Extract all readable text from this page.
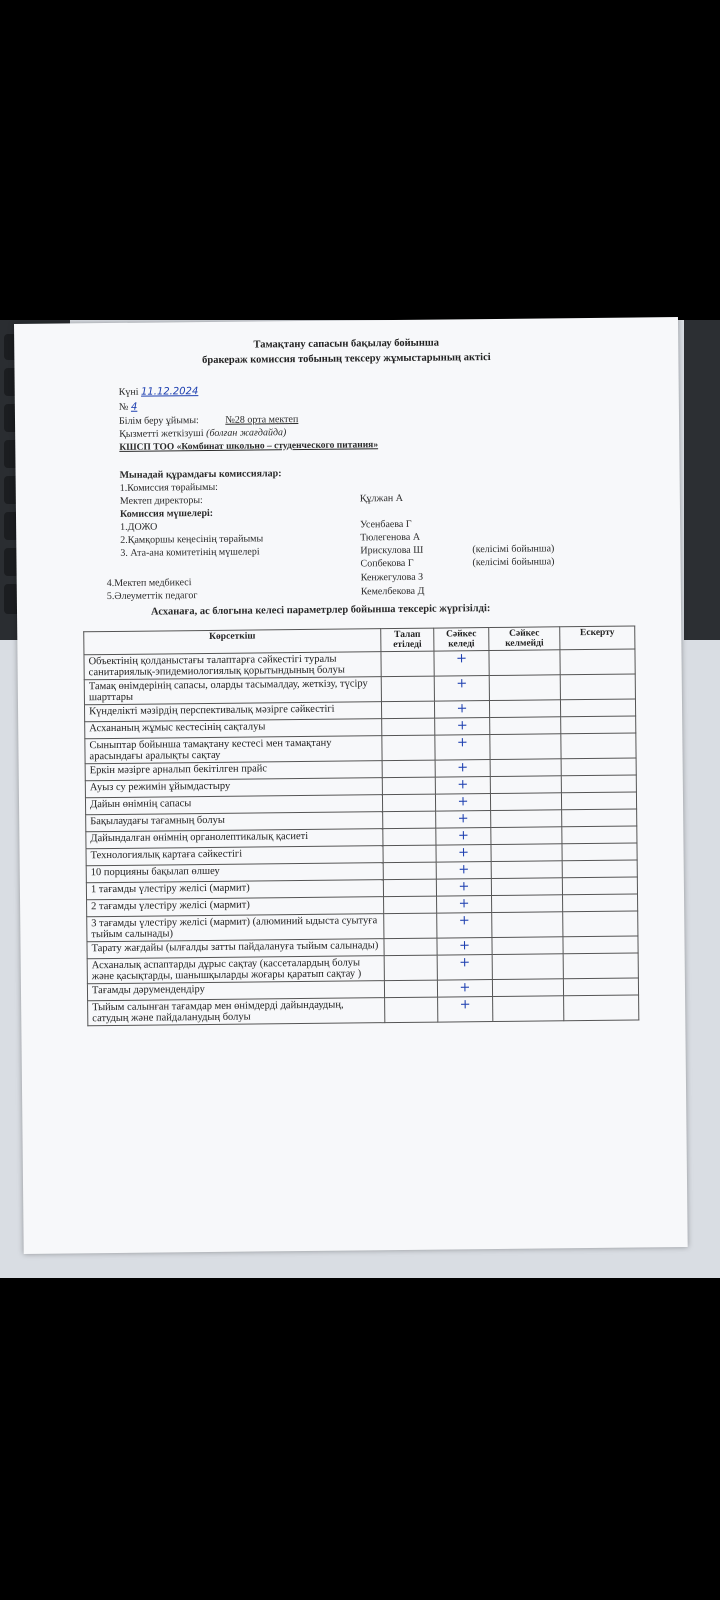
Тамақтану сапасын бақылау бойынша
бракераж комиссия тобының тексеру жұмыстарының актісі
Күні 11.12.2024
№ 4
Білім беру ұйымы:	№28 орта мектеп
Қызметті жеткізуші (болған жағдайда)
КШСП ТОО «Комбинат школьно – студенческого питания»
Мынадай құрамдағы комиссиялар:
1.Комиссия төрайымы:
Мектеп директоры:	Құлжан А
Комиссия мүшелері:
1.ДОЖО	Усенбаева Г
2.Қамқоршы кеңесінің төрайымы	Тюлегенова А
3. Ата-ана комитетінің мүшелері	Ирискулова Ш	(келісімі бойынша)
Сопбекова Г	(келісімі бойынша)
4.Мектеп медбикесі	Кенжегулова З
5.Әлеуметтік педагог	Кемелбекова Д
Асханаға, ас блогына келесі параметрлер бойынша тексеріс жүргізілді:
Көрсеткіш	Талап етіледі	Сәйкес келеді	Сәйкес келмейді	Ескерту
Объектінің қолданыстағы талаптарға сәйкестігі туралы санитариялық-эпидемиологиялық қорытындының болуы		+		
Тамақ өнімдерінің сапасы, оларды тасымалдау, жеткізу, түсіру шарттары		+		
Күнделікті мәзірдің перспективалық мәзірге сәйкестігі		+		
Асхананың жұмыс кестесінің сақталуы		+		
Сыныптар бойынша тамақтану кестесі мен тамақтану арасындағы аралықты сақтау		+		
Еркін мәзірге арналып бекітілген прайс		+		
Ауыз су режимін ұйымдастыру		+		
Дайын өнімнің сапасы		+		
Бақылаудағы тағамның болуы		+		
Дайындалған өнімнің органолептикалық қасиеті		+		
Технологиялық картаға сәйкестігі		+		
10 порцияны бақылап өлшеу		+		
1 тағамды үлестіру желісі (мармит)		+		
2 тағамды үлестіру желісі (мармит)		+		
3 тағамды үлестіру желісі (мармит) (алюминий ыдыста суытуға тыйым салынады)		+		
Тарату жағдайы (ылғалды затты пайдалануға тыйым салынады)		+		
Асханалық аспаптарды дұрыс сақтау (кассеталардың болуы және қасықтарды, шанышқыларды жоғары қаратып сақтау )		+		
Тағамды дәрумендендіру		+		
Тыйым салынған тағамдар мен өнімдерді дайындаудың, сатудың және пайдаланудың болуы		+		
